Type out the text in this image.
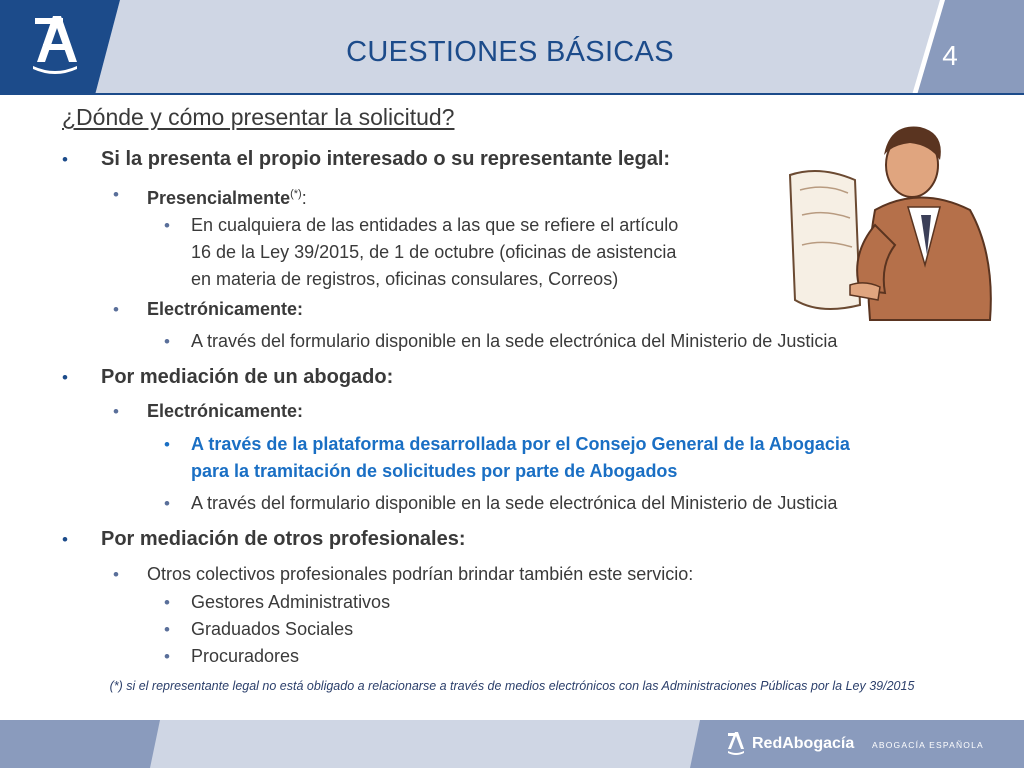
CUESTIONES BÁSICAS	4
¿Dónde y cómo presentar la solicitud?
• Si la presenta el propio interesado o su representante legal:
• Presencialmente(*):
• En cualquiera de las entidades a las que se refiere el artículo
16 de la Ley 39/2015, de 1 de octubre (oficinas de asistencia
en materia de registros, oficinas consulares, Correos)
• Electrónicamente:
• A través del formulario disponible en la sede electrónica del Ministerio de Justicia
• Por mediación de un abogado:
• Electrónicamente:
• A través de la plataforma desarrollada por el Consejo General de la Abogacia
para la tramitación de solicitudes por parte de Abogados
• A través del formulario disponible en la sede electrónica del Ministerio de Justicia
• Por mediación de otros profesionales:
• Otros colectivos profesionales podrían brindar también este servicio:
• Gestores Administrativos
• Graduados Sociales
• Procuradores
(*) si el representante legal no está obligado a relacionarse a través de medios electrónicos con las Administraciones Públicas por la Ley 39/2015
RedAbogacía ABOGACÍA ESPAÑOLA
